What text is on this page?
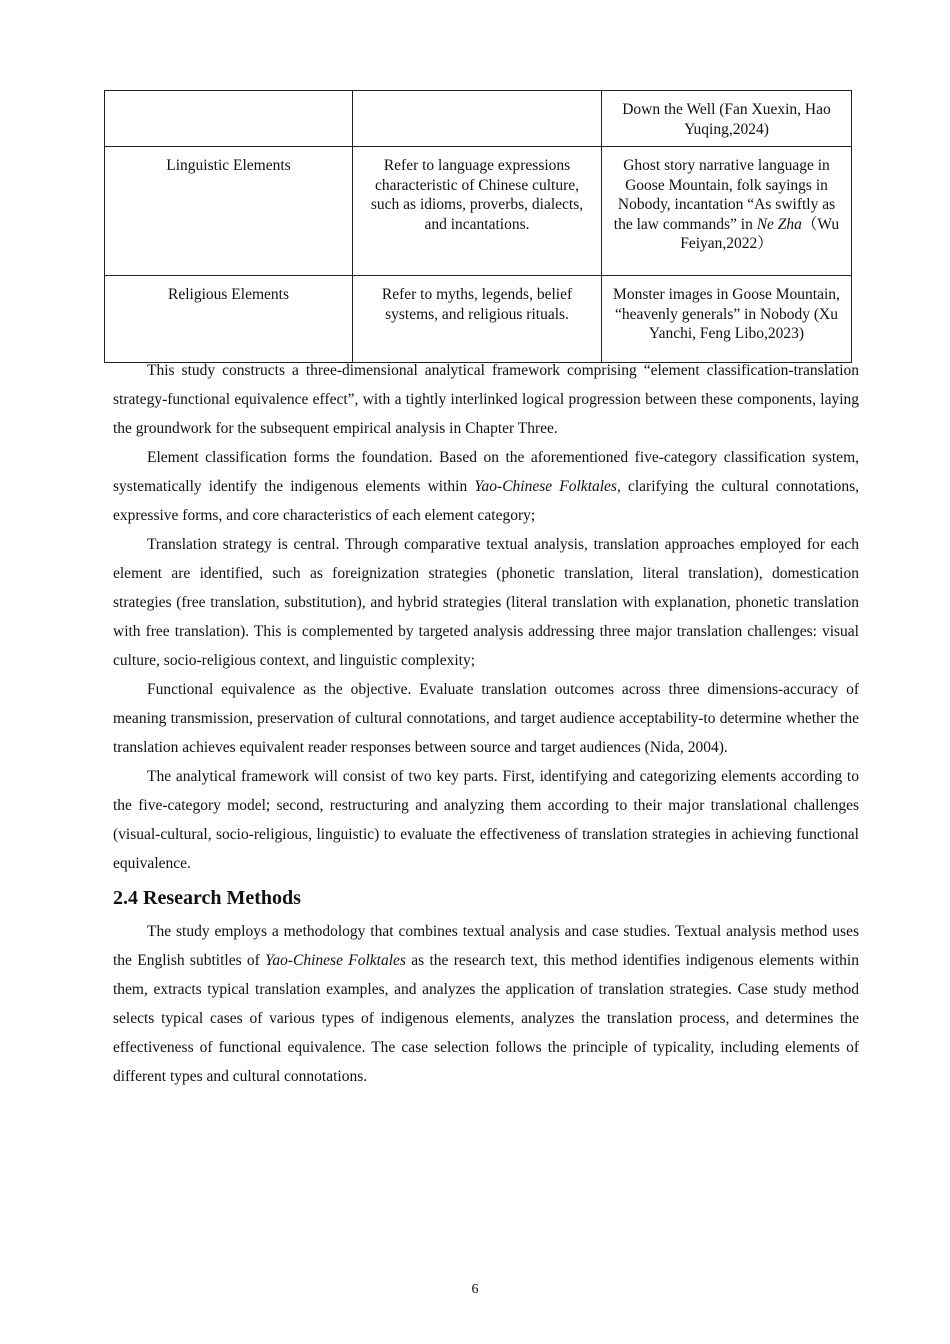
		Down the Well (Fan Xuexin, Hao Yuqing,2024)
Linguistic Elements	Refer to language expressions characteristic of Chinese culture, such as idioms, proverbs, dialects, and incantations.	Ghost story narrative language in Goose Mountain, folk sayings in Nobody, incantation “As swiftly as the law commands” in Ne Zha（Wu Feiyan,2022）
Religious Elements	Refer to myths, legends, belief systems, and religious rituals.	Monster images in Goose Mountain, “heavenly generals” in Nobody (Xu Yanchi, Feng Libo,2023)

This study constructs a three-dimensional analytical framework comprising “element classification-translation strategy-functional equivalence effect”, with a tightly interlinked logical progression between these components, laying the groundwork for the subsequent empirical analysis in Chapter Three.

Element classification forms the foundation. Based on the aforementioned five-category classification system, systematically identify the indigenous elements within Yao-Chinese Folktales, clarifying the cultural connotations, expressive forms, and core characteristics of each element category;

Translation strategy is central. Through comparative textual analysis, translation approaches employed for each element are identified, such as foreignization strategies (phonetic translation, literal translation), domestication strategies (free translation, substitution), and hybrid strategies (literal translation with explanation, phonetic translation with free translation). This is complemented by targeted analysis addressing three major translation challenges: visual culture, socio-religious context, and linguistic complexity;

Functional equivalence as the objective. Evaluate translation outcomes across three dimensions-accuracy of meaning transmission, preservation of cultural connotations, and target audience acceptability-to determine whether the translation achieves equivalent reader responses between source and target audiences (Nida, 2004).

The analytical framework will consist of two key parts. First, identifying and categorizing elements according to the five-category model; second, restructuring and analyzing them according to their major translational challenges (visual-cultural, socio-religious, linguistic) to evaluate the effectiveness of translation strategies in achieving functional equivalence.

2.4 Research Methods

The study employs a methodology that combines textual analysis and case studies. Textual analysis method uses the English subtitles of Yao-Chinese Folktales as the research text, this method identifies indigenous elements within them, extracts typical translation examples, and analyzes the application of translation strategies. Case study method selects typical cases of various types of indigenous elements, analyzes the translation process, and determines the effectiveness of functional equivalence. The case selection follows the principle of typicality, including elements of different types and cultural connotations.

6
